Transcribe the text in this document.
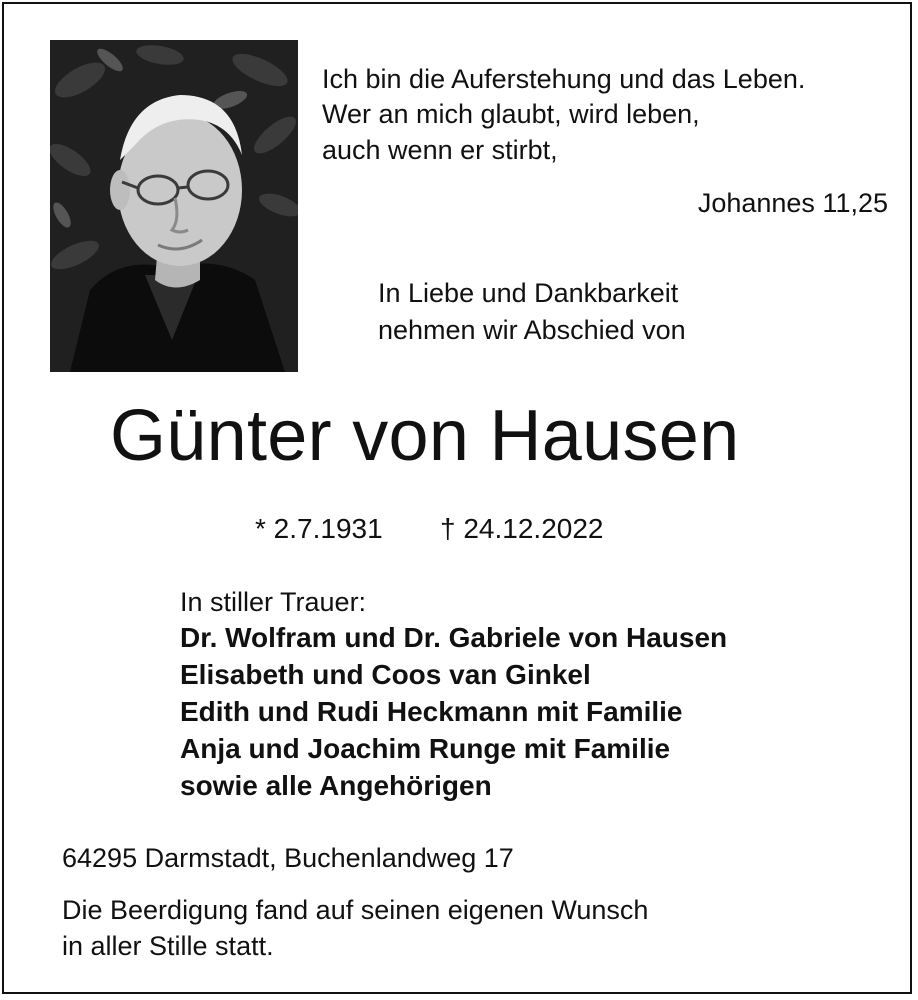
Ich bin die Auferstehung und das Leben.
Wer an mich glaubt, wird leben,
auch wenn er stirbt,
Johannes 11,25
In Liebe und Dankbarkeit
nehmen wir Abschied von
Günter von Hausen
* 2.7.1931 † 24.12.2022
In stiller Trauer:
Dr. Wolfram und Dr. Gabriele von Hausen
Elisabeth und Coos van Ginkel
Edith und Rudi Heckmann mit Familie
Anja und Joachim Runge mit Familie
sowie alle Angehörigen
64295 Darmstadt, Buchenlandweg 17
Die Beerdigung fand auf seinen eigenen Wunsch
in aller Stille statt.
